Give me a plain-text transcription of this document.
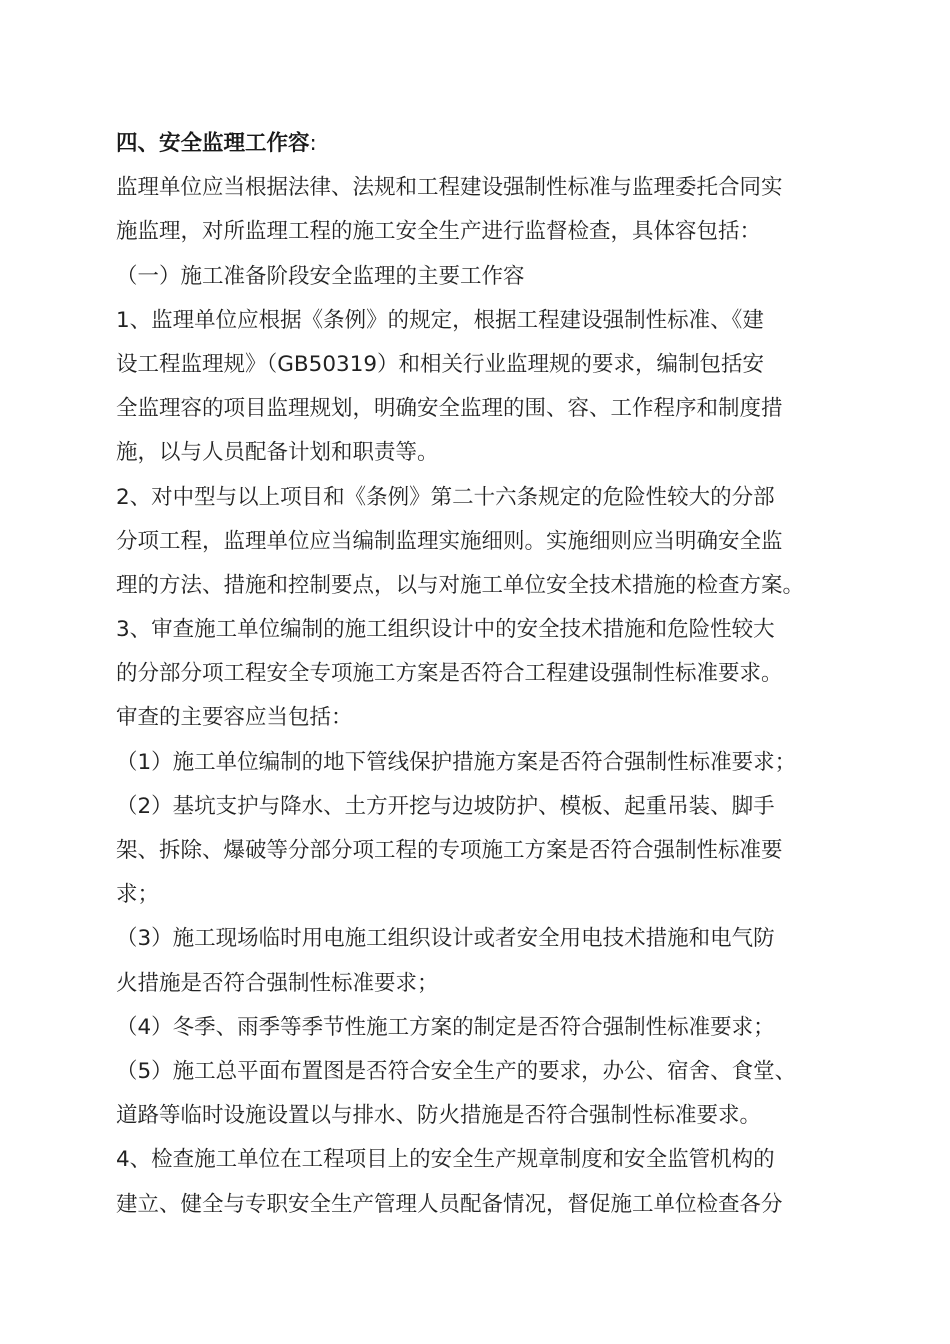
四、安全监理工作容:
监理单位应当根据法律、法规和工程建设强制性标准与监理委托合同实
施监理，对所监理工程的施工安全生产进行监督检查，具体容包括：
（一）施工准备阶段安全监理的主要工作容
1、监理单位应根据《条例》的规定，根据工程建设强制性标准、《建
设工程监理规》（GB50319）和相关行业监理规的要求，编制包括安
全监理容的项目监理规划，明确安全监理的围、容、工作程序和制度措
施，以与人员配备计划和职责等。
2、对中型与以上项目和《条例》第二十六条规定的危险性较大的分部
分项工程，监理单位应当编制监理实施细则。实施细则应当明确安全监
理的方法、措施和控制要点，以与对施工单位安全技术措施的检查方案。
3、审查施工单位编制的施工组织设计中的安全技术措施和危险性较大
的分部分项工程安全专项施工方案是否符合工程建设强制性标准要求。
审查的主要容应当包括：
（1）施工单位编制的地下管线保护措施方案是否符合强制性标准要求；
（2）基坑支护与降水、土方开挖与边坡防护、模板、起重吊装、脚手
架、拆除、爆破等分部分项工程的专项施工方案是否符合强制性标准要
求；
（3）施工现场临时用电施工组织设计或者安全用电技术措施和电气防
火措施是否符合强制性标准要求；
（4）冬季、雨季等季节性施工方案的制定是否符合强制性标准要求；
（5）施工总平面布置图是否符合安全生产的要求，办公、宿舍、食堂、
道路等临时设施设置以与排水、防火措施是否符合强制性标准要求。
4、检查施工单位在工程项目上的安全生产规章制度和安全监管机构的
建立、健全与专职安全生产管理人员配备情况，督促施工单位检查各分
